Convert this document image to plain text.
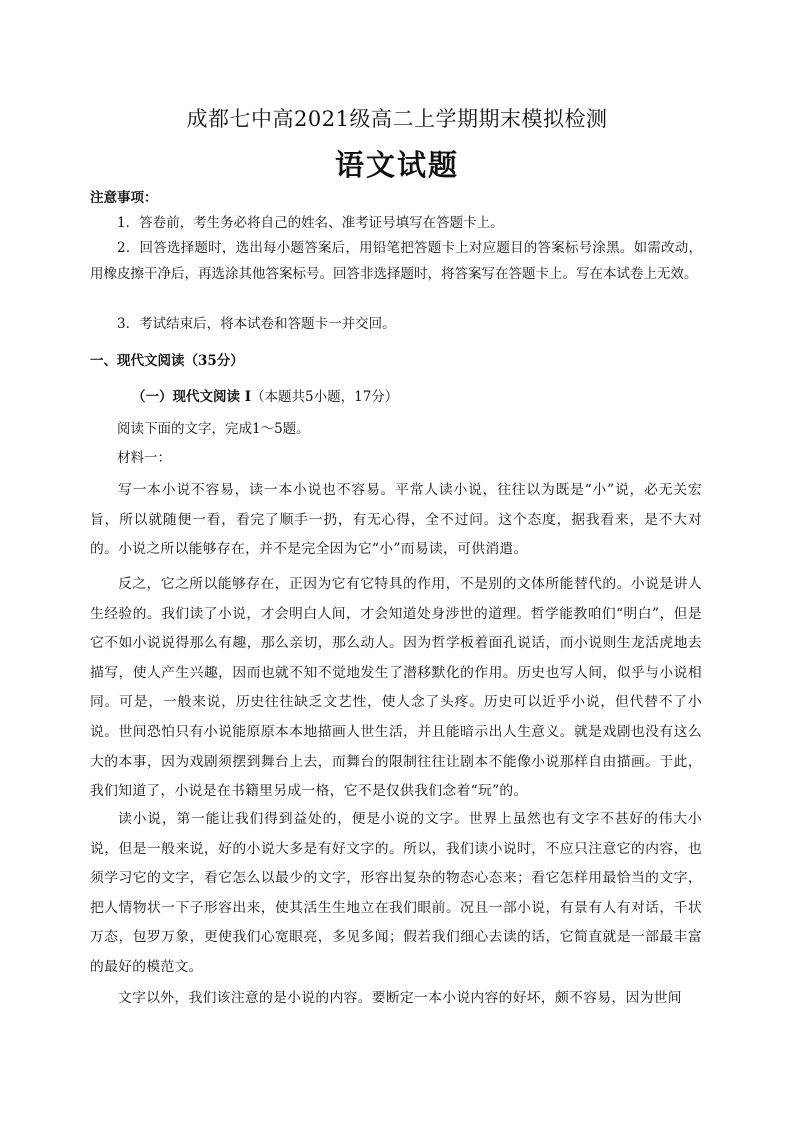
成都七中高2021级高二上学期期末模拟检测
语文试题

注意事项：

1．答卷前，考生务必将自己的姓名、准考证号填写在答题卡上。

2．回答选择题时，选出每小题答案后，用铅笔把答题卡上对应题目的答案标号涂黑。如需改动，用橡皮擦干净后，再选涂其他答案标号。回答非选择题时，将答案写在答题卡上。写在本试卷上无效。

3．考试结束后，将本试卷和答题卡一并交回。

一、现代文阅读（35分）

（一）现代文阅读 I（本题共5小题，17分）

阅读下面的文字，完成1～5题。

材料一：

写一本小说不容易，读一本小说也不容易。平常人读小说，往往以为既是“小”说，必无关宏旨，所以就随便一看，看完了顺手一扔，有无心得，全不过问。这个态度，据我看来，是不大对的。小说之所以能够存在，并不是完全因为它“小”而易读，可供消遣。

反之，它之所以能够存在，正因为它有它特具的作用，不是别的文体所能替代的。小说是讲人生经验的。我们读了小说，才会明白人间，才会知道处身涉世的道理。哲学能教咱们“明白”，但是它不如小说说得那么有趣，那么亲切，那么动人。因为哲学板着面孔说话，而小说则生龙活虎地去描写，使人产生兴趣，因而也就不知不觉地发生了潜移默化的作用。历史也写人间，似乎与小说相同。可是，一般来说，历史往往缺乏文艺性，使人念了头疼。历史可以近乎小说，但代替不了小说。世间恐怕只有小说能原原本本地描画人世生活，并且能暗示出人生意义。就是戏剧也没有这么大的本事，因为戏剧须摆到舞台上去，而舞台的限制往往让剧本不能像小说那样自由描画。于此，我们知道了，小说是在书籍里另成一格，它不是仅供我们念着“玩”的。

读小说，第一能让我们得到益处的，便是小说的文字。世界上虽然也有文字不甚好的伟大小说，但是一般来说，好的小说大多是有好文字的。所以，我们读小说时，不应只注意它的内容，也须学习它的文字，看它怎么以最少的文字，形容出复杂的物态心态来；看它怎样用最恰当的文字，把人情物状一下子形容出来，使其活生生地立在我们眼前。况且一部小说，有景有人有对话，千状万态，包罗万象，更使我们心宽眼亮，多见多闻；假若我们细心去读的话，它简直就是一部最丰富的最好的模范文。

文字以外，我们该注意的是小说的内容。要断定一本小说内容的好坏，颇不容易，因为世间
